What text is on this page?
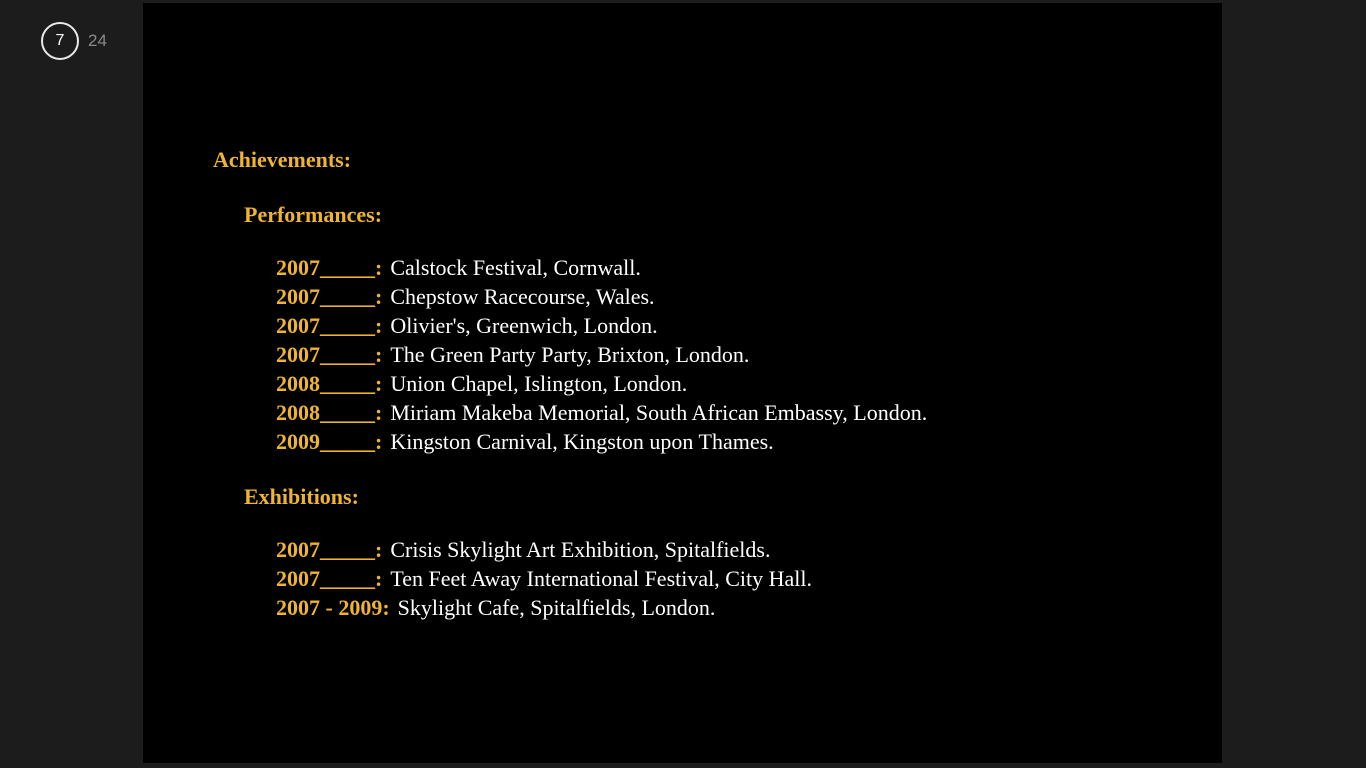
7 24
Achievements:
Performances:
2007_____: Calstock Festival, Cornwall.
2007_____: Chepstow Racecourse, Wales.
2007_____: Olivier's, Greenwich, London.
2007_____: The Green Party Party, Brixton, London.
2008_____: Union Chapel, Islington, London.
2008_____: Miriam Makeba Memorial, South African Embassy, London.
2009_____: Kingston Carnival, Kingston upon Thames.
Exhibitions:
2007_____: Crisis Skylight Art Exhibition, Spitalfields.
2007_____: Ten Feet Away International Festival, City Hall.
2007 - 2009: Skylight Cafe, Spitalfields, London.
